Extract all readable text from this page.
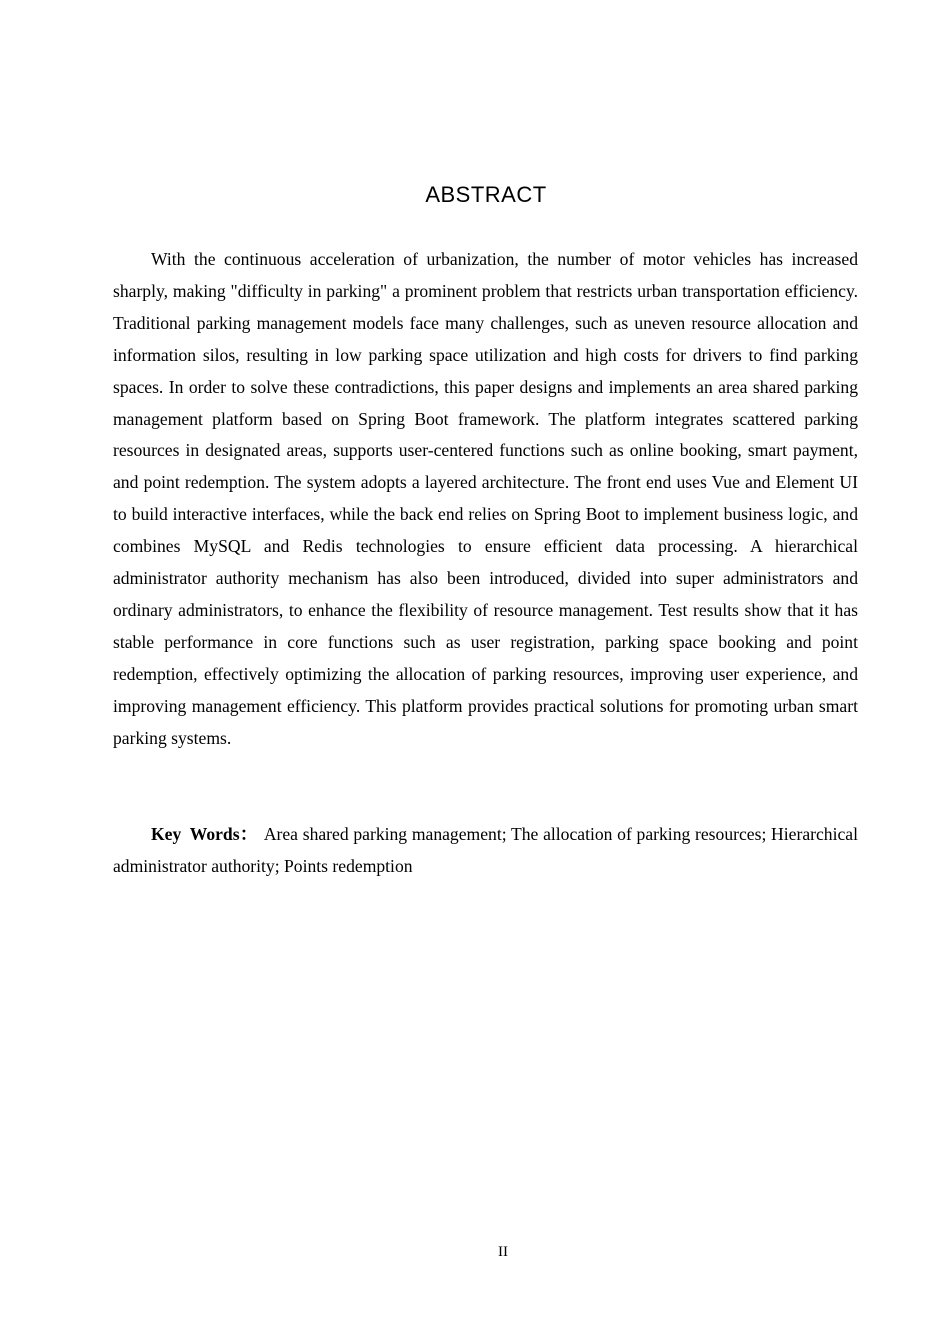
ABSTRACT

With the continuous acceleration of urbanization, the number of motor vehicles has increased sharply, making "difficulty in parking" a prominent problem that restricts urban transportation efficiency. Traditional parking management models face many challenges, such as uneven resource allocation and information silos, resulting in low parking space utilization and high costs for drivers to find parking spaces. In order to solve these contradictions, this paper designs and implements an area shared parking management platform based on Spring Boot framework. The platform integrates scattered parking resources in designated areas, supports user-centered functions such as online booking, smart payment, and point redemption. The system adopts a layered architecture. The front end uses Vue and Element UI to build interactive interfaces, while the back end relies on Spring Boot to implement business logic, and combines MySQL and Redis technologies to ensure efficient data processing. A hierarchical administrator authority mechanism has also been introduced, divided into super administrators and ordinary administrators, to enhance the flexibility of resource management. Test results show that it has stable performance in core functions such as user registration, parking space booking and point redemption, effectively optimizing the allocation of parking resources, improving user experience, and improving management efficiency. This platform provides practical solutions for promoting urban smart parking systems.

Key Words： Area shared parking management; The allocation of parking resources; Hierarchical administrator authority; Points redemption

II
